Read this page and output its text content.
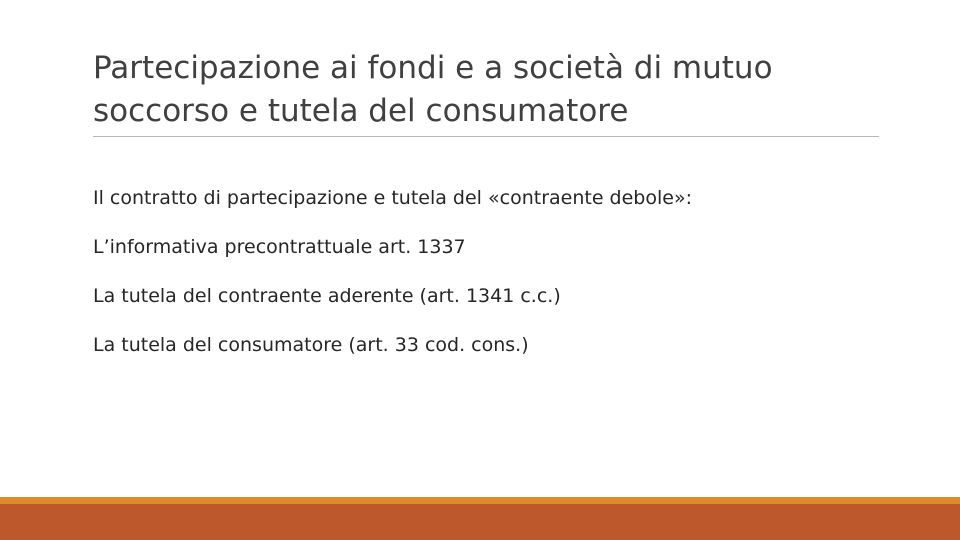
Partecipazione ai fondi e a società di mutuo
soccorso e tutela del consumatore
Il contratto di partecipazione e tutela del «contraente debole»:
L’informativa precontrattuale art. 1337
La tutela del contraente aderente (art. 1341 c.c.)
La tutela del consumatore (art. 33 cod. cons.)
